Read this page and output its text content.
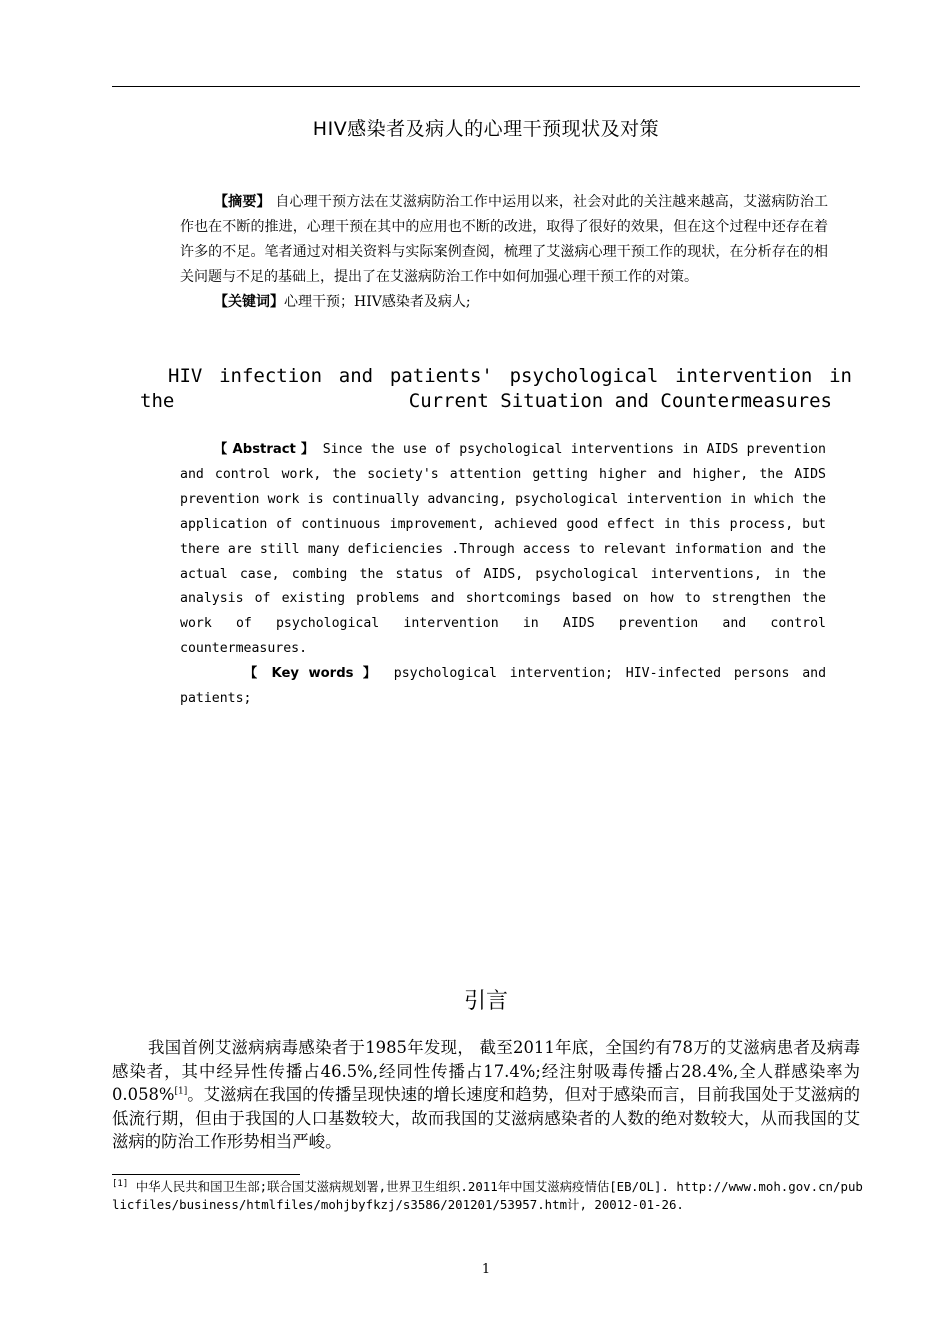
HIV感染者及病人的心理干预现状及对策

【摘要】 自心理干预方法在艾滋病防治工作中运用以来，社会对此的关注越来越高，艾滋病防治工作也在不断的推进，心理干预在其中的应用也不断的改进，取得了很好的效果，但在这个过程中还存在着许多的不足。笔者通过对相关资料与实际案例查阅，梳理了艾滋病心理干预工作的现状，在分析存在的相关问题与不足的基础上，提出了在艾滋病防治工作中如何加强心理干预工作的对策。

【关键词】心理干预；HIV感染者及病人;

HIV infection and patients' psychological intervention in
the	Current Situation and Countermeasures

【 Abstract 】 Since the use of psychological interventions in AIDS prevention and control work, the society's attention getting higher and higher, the AIDS prevention work is continually advancing, psychological intervention in which the application of continuous improvement, achieved good effect in this process, but there are still many deficiencies .Through access to relevant information and the actual case, combing the status of AIDS, psychological interventions, in the analysis of existing problems and shortcomings based on how to strengthen the work of psychological intervention in AIDS prevention and control countermeasures.

【 Key words 】 psychological intervention; HIV-infected persons and patients;

引言

我国首例艾滋病病毒感染者于1985年发现， 截至2011年底，全国约有78万的艾滋病患者及病毒感染者，其中经异性传播占46.5%,经同性传播占17.4%;经注射吸毒传播占28.4%,全人群感染率为0.058%[1]。艾滋病在我国的传播呈现快速的增长速度和趋势，但对于感染而言，目前我国处于艾滋病的低流行期，但由于我国的人口基数较大，故而我国的艾滋病感染者的人数的绝对数较大，从而我国的艾滋病的防治工作形势相当严峻。

[1] 中华人民共和国卫生部;联合国艾滋病规划署,世界卫生组织.2011年中国艾滋病疫情估[EB/OL]. http://www.moh.gov.cn/publicfiles/business/htmlfiles/mohjbyfkzj/s3586/201201/53957.htm计, 20012-01-26.

1
